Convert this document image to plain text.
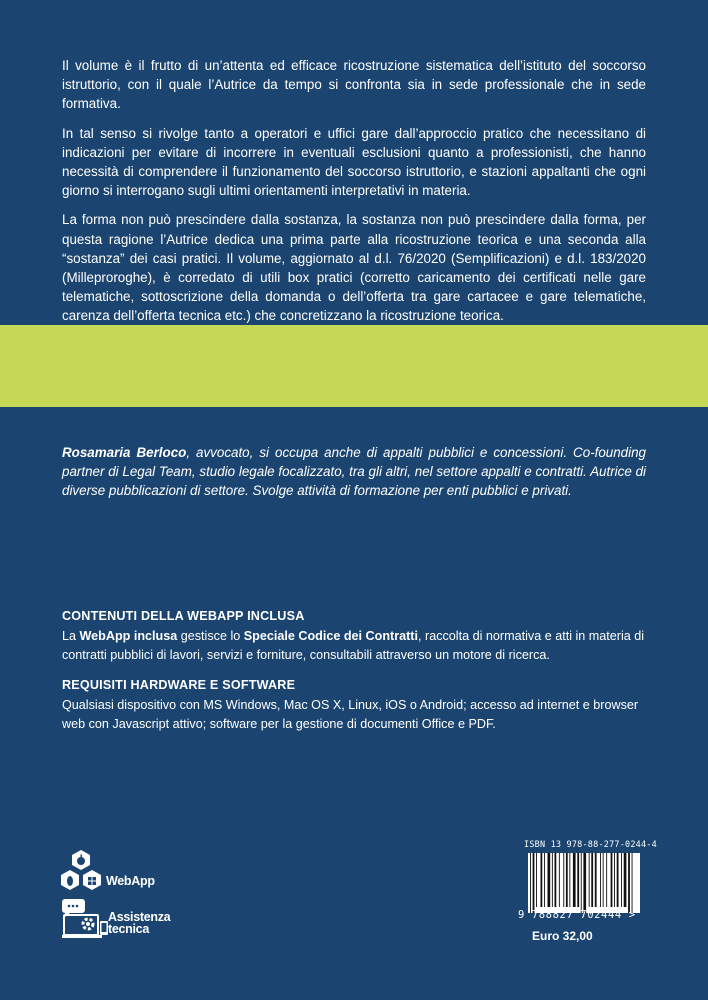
Il volume è il frutto di un’attenta ed efficace ricostruzione sistematica dell’istituto del soccorso istruttorio, con il quale l’Autrice da tempo si confronta sia in sede professionale che in sede formativa.

In tal senso si rivolge tanto a operatori e uffici gare dall’approccio pratico che necessitano di indicazioni per evitare di incorrere in eventuali esclusioni quanto a professionisti, che hanno necessità di comprendere il funzionamento del soccorso istruttorio, e stazioni appaltanti che ogni giorno si interrogano sugli ultimi orientamenti interpretativi in materia.

La forma non può prescindere dalla sostanza, la sostanza non può prescindere dalla forma, per questa ragione l’Autrice dedica una prima parte alla ricostruzione teorica e una seconda alla “sostanza” dei casi pratici. Il volume, aggiornato al d.l. 76/2020 (Semplificazioni) e d.l. 183/2020 (Milleproroghe), è corredato di utili box pratici (corretto caricamento dei certificati nelle gare telematiche, sottoscrizione della domanda o dell’offerta tra gare cartacee e gare telematiche, carenza dell’offerta tecnica etc.) che concretizzano la ricostruzione teorica.

Rosamaria Berloco, avvocato, si occupa anche di appalti pubblici e concessioni. Co-founding partner di Legal Team, studio legale focalizzato, tra gli altri, nel settore appalti e contratti. Autrice di diverse pubblicazioni di settore. Svolge attività di formazione per enti pubblici e privati.
CONTENUTI DELLA WEBAPP INCLUSA

La WebApp inclusa gestisce lo Speciale Codice dei Contratti, raccolta di normativa e atti in materia di contratti pubblici di lavori, servizi e forniture, consultabili attraverso un motore di ricerca.

REQUISITI HARDWARE E SOFTWARE

Qualsiasi dispositivo con MS Windows, Mac OS X, Linux, iOS o Android; accesso ad internet e browser web con Javascript attivo; software per la gestione di documenti Office e PDF.

WebApp
Assistenza
tecnica
ISBN 13 978-88-277-0244-4
9 788827 702444 >
Euro 32,00
